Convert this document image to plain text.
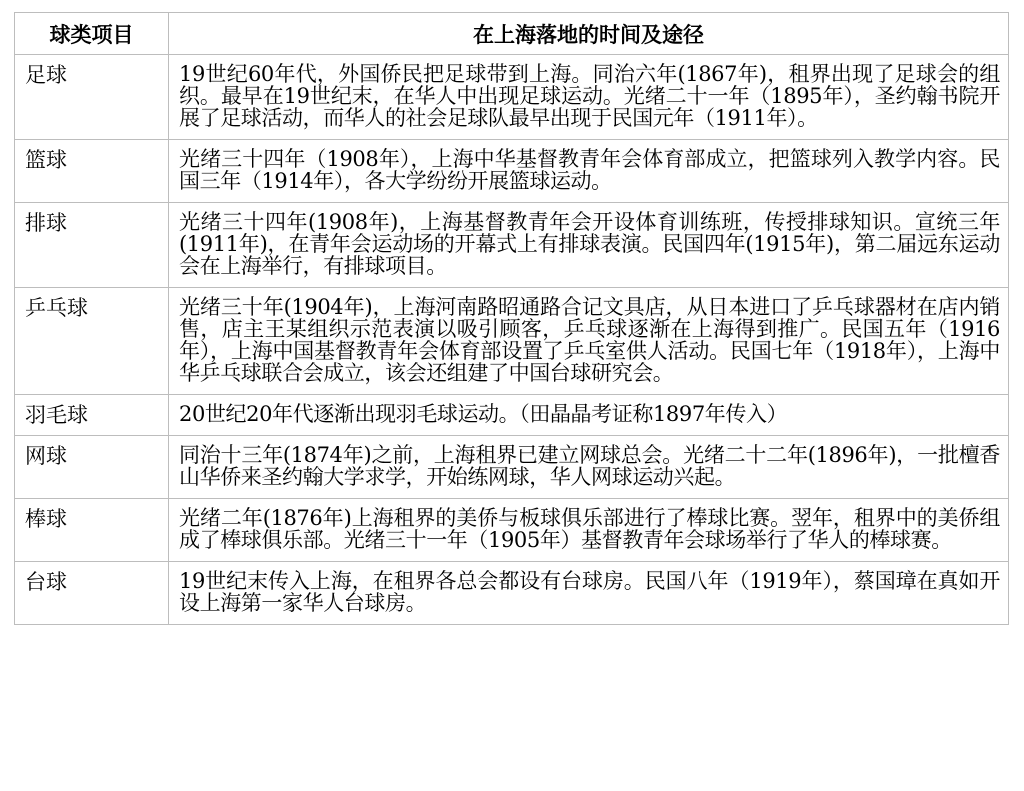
球类项目	在上海落地的时间及途径
足球	19世纪60年代，外国侨民把足球带到上海。同治六年(1867年)，租界出现了足球会的组织。最早在19世纪末，在华人中出现足球运动。光绪二十一年（1895年），圣约翰书院开展了足球活动，而华人的社会足球队最早出现于民国元年（1911年）。
篮球	光绪三十四年（1908年），上海中华基督教青年会体育部成立，把篮球列入教学内容。民国三年（1914年），各大学纷纷开展篮球运动。
排球	光绪三十四年(1908年)，上海基督教青年会开设体育训练班，传授排球知识。宣统三年(1911年)，在青年会运动场的开幕式上有排球表演。民国四年(1915年)，第二届远东运动会在上海举行，有排球项目。
乒乓球	光绪三十年(1904年)，上海河南路昭通路合记文具店，从日本进口了乒乓球器材在店内销售，店主王某组织示范表演以吸引顾客，乒乓球逐渐在上海得到推广。民国五年（1916年），上海中国基督教青年会体育部设置了乒乓室供人活动。民国七年（1918年），上海中华乒乓球联合会成立，该会还组建了中国台球研究会。
羽毛球	20世纪20年代逐渐出现羽毛球运动。（田晶晶考证称1897年传入）
网球	同治十三年(1874年)之前，上海租界已建立网球总会。光绪二十二年(1896年)，一批檀香山华侨来圣约翰大学求学，开始练网球，华人网球运动兴起。
棒球	光绪二年(1876年)上海租界的美侨与板球俱乐部进行了棒球比赛。翌年，租界中的美侨组成了棒球俱乐部。光绪三十一年（1905年）基督教青年会球场举行了华人的棒球赛。
台球	19世纪末传入上海，在租界各总会都设有台球房。民国八年（1919年），蔡国璋在真如开设上海第一家华人台球房。
